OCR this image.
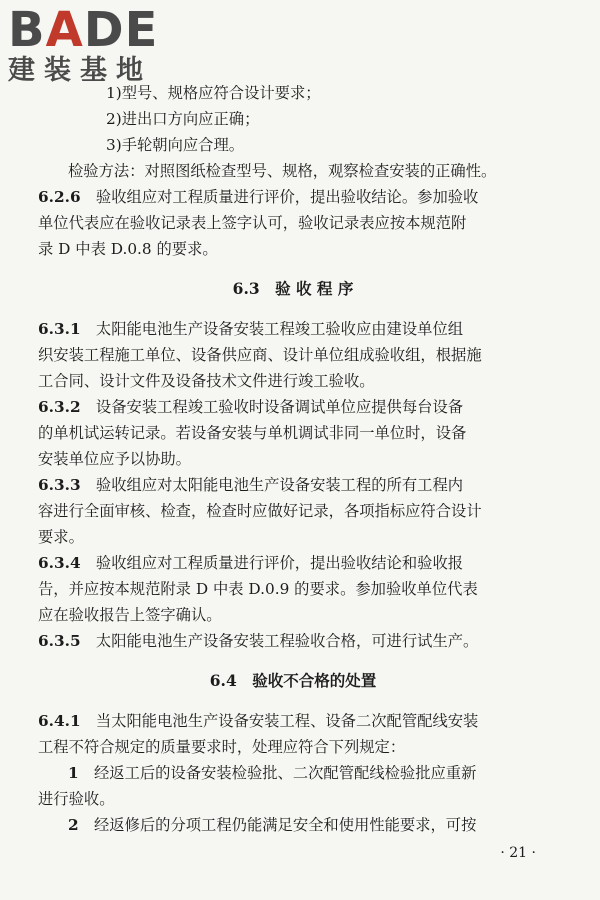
BADE
建装基地
1)型号、规格应符合设计要求；
2)进出口方向应正确；
3)手轮朝向应合理。
检验方法：对照图纸检查型号、规格，观察检查安装的正确性。
6.2.6　 验收组应对工程质量进行评价，提出验收结论。参加验收
单位代表应在验收记录表上签字认可，验收记录表应按本规范附
录 D 中表 D.0.8 的要求。
6.3　验 收 程 序
6.3.1　 太阳能电池生产设备安装工程竣工验收应由建设单位组
织安装工程施工单位、设备供应商、设计单位组成验收组，根据施
工合同、设计文件及设备技术文件进行竣工验收。
6.3.2　 设备安装工程竣工验收时设备调试单位应提供每台设备
的单机试运转记录。若设备安装与单机调试非同一单位时，设备
安装单位应予以协助。
6.3.3　 验收组应对太阳能电池生产设备安装工程的所有工程内
容进行全面审核、检查，检查时应做好记录，各项指标应符合设计
要求。
6.3.4　 验收组应对工程质量进行评价，提出验收结论和验收报
告，并应按本规范附录 D 中表 D.0.9 的要求。参加验收单位代表
应在验收报告上签字确认。
6.3.5　 太阳能电池生产设备安装工程验收合格，可进行试生产。
6.4　验收不合格的处置
6.4.1　 当太阳能电池生产设备安装工程、设备二次配管配线安装
工程不符合规定的质量要求时，处理应符合下列规定：
1　 经返工后的设备安装检验批、二次配管配线检验批应重新
进行验收。
2　 经返修后的分项工程仍能满足安全和使用性能要求，可按
· 21 ·
